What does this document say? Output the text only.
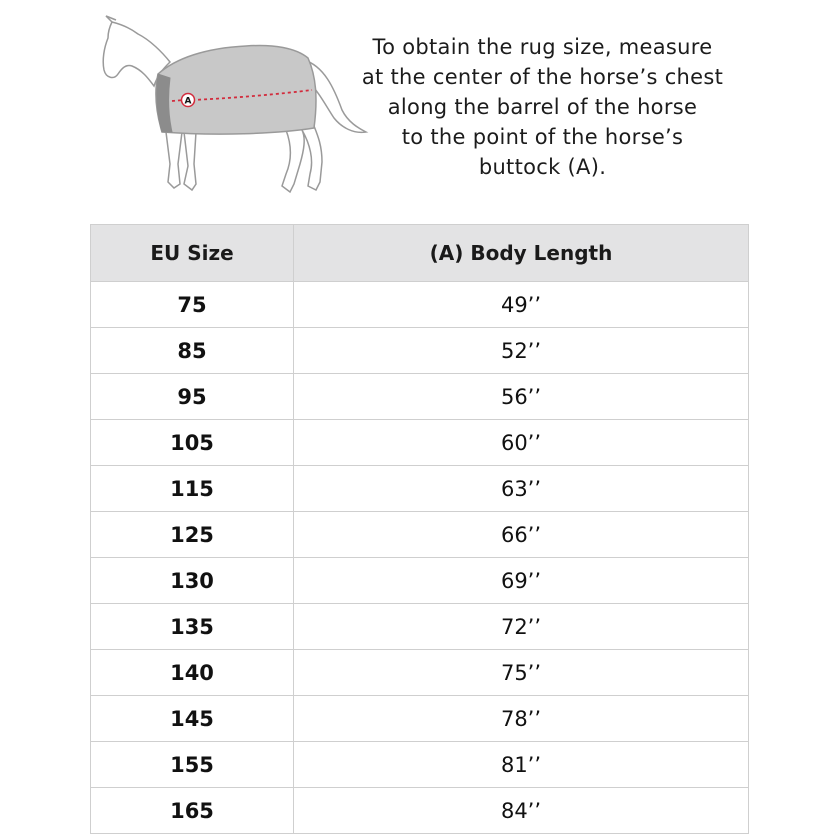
A

To obtain the rug size, measure
at the center of the horse’s chest
along the barrel of the horse
to the point of the horse’s
buttock (A).

EU Size	(A) Body Length
75	49’’
85	52’’
95	56’’
105	60’’
115	63’’
125	66’’
130	69’’
135	72’’
140	75’’
145	78’’
155	81’’
165	84’’
